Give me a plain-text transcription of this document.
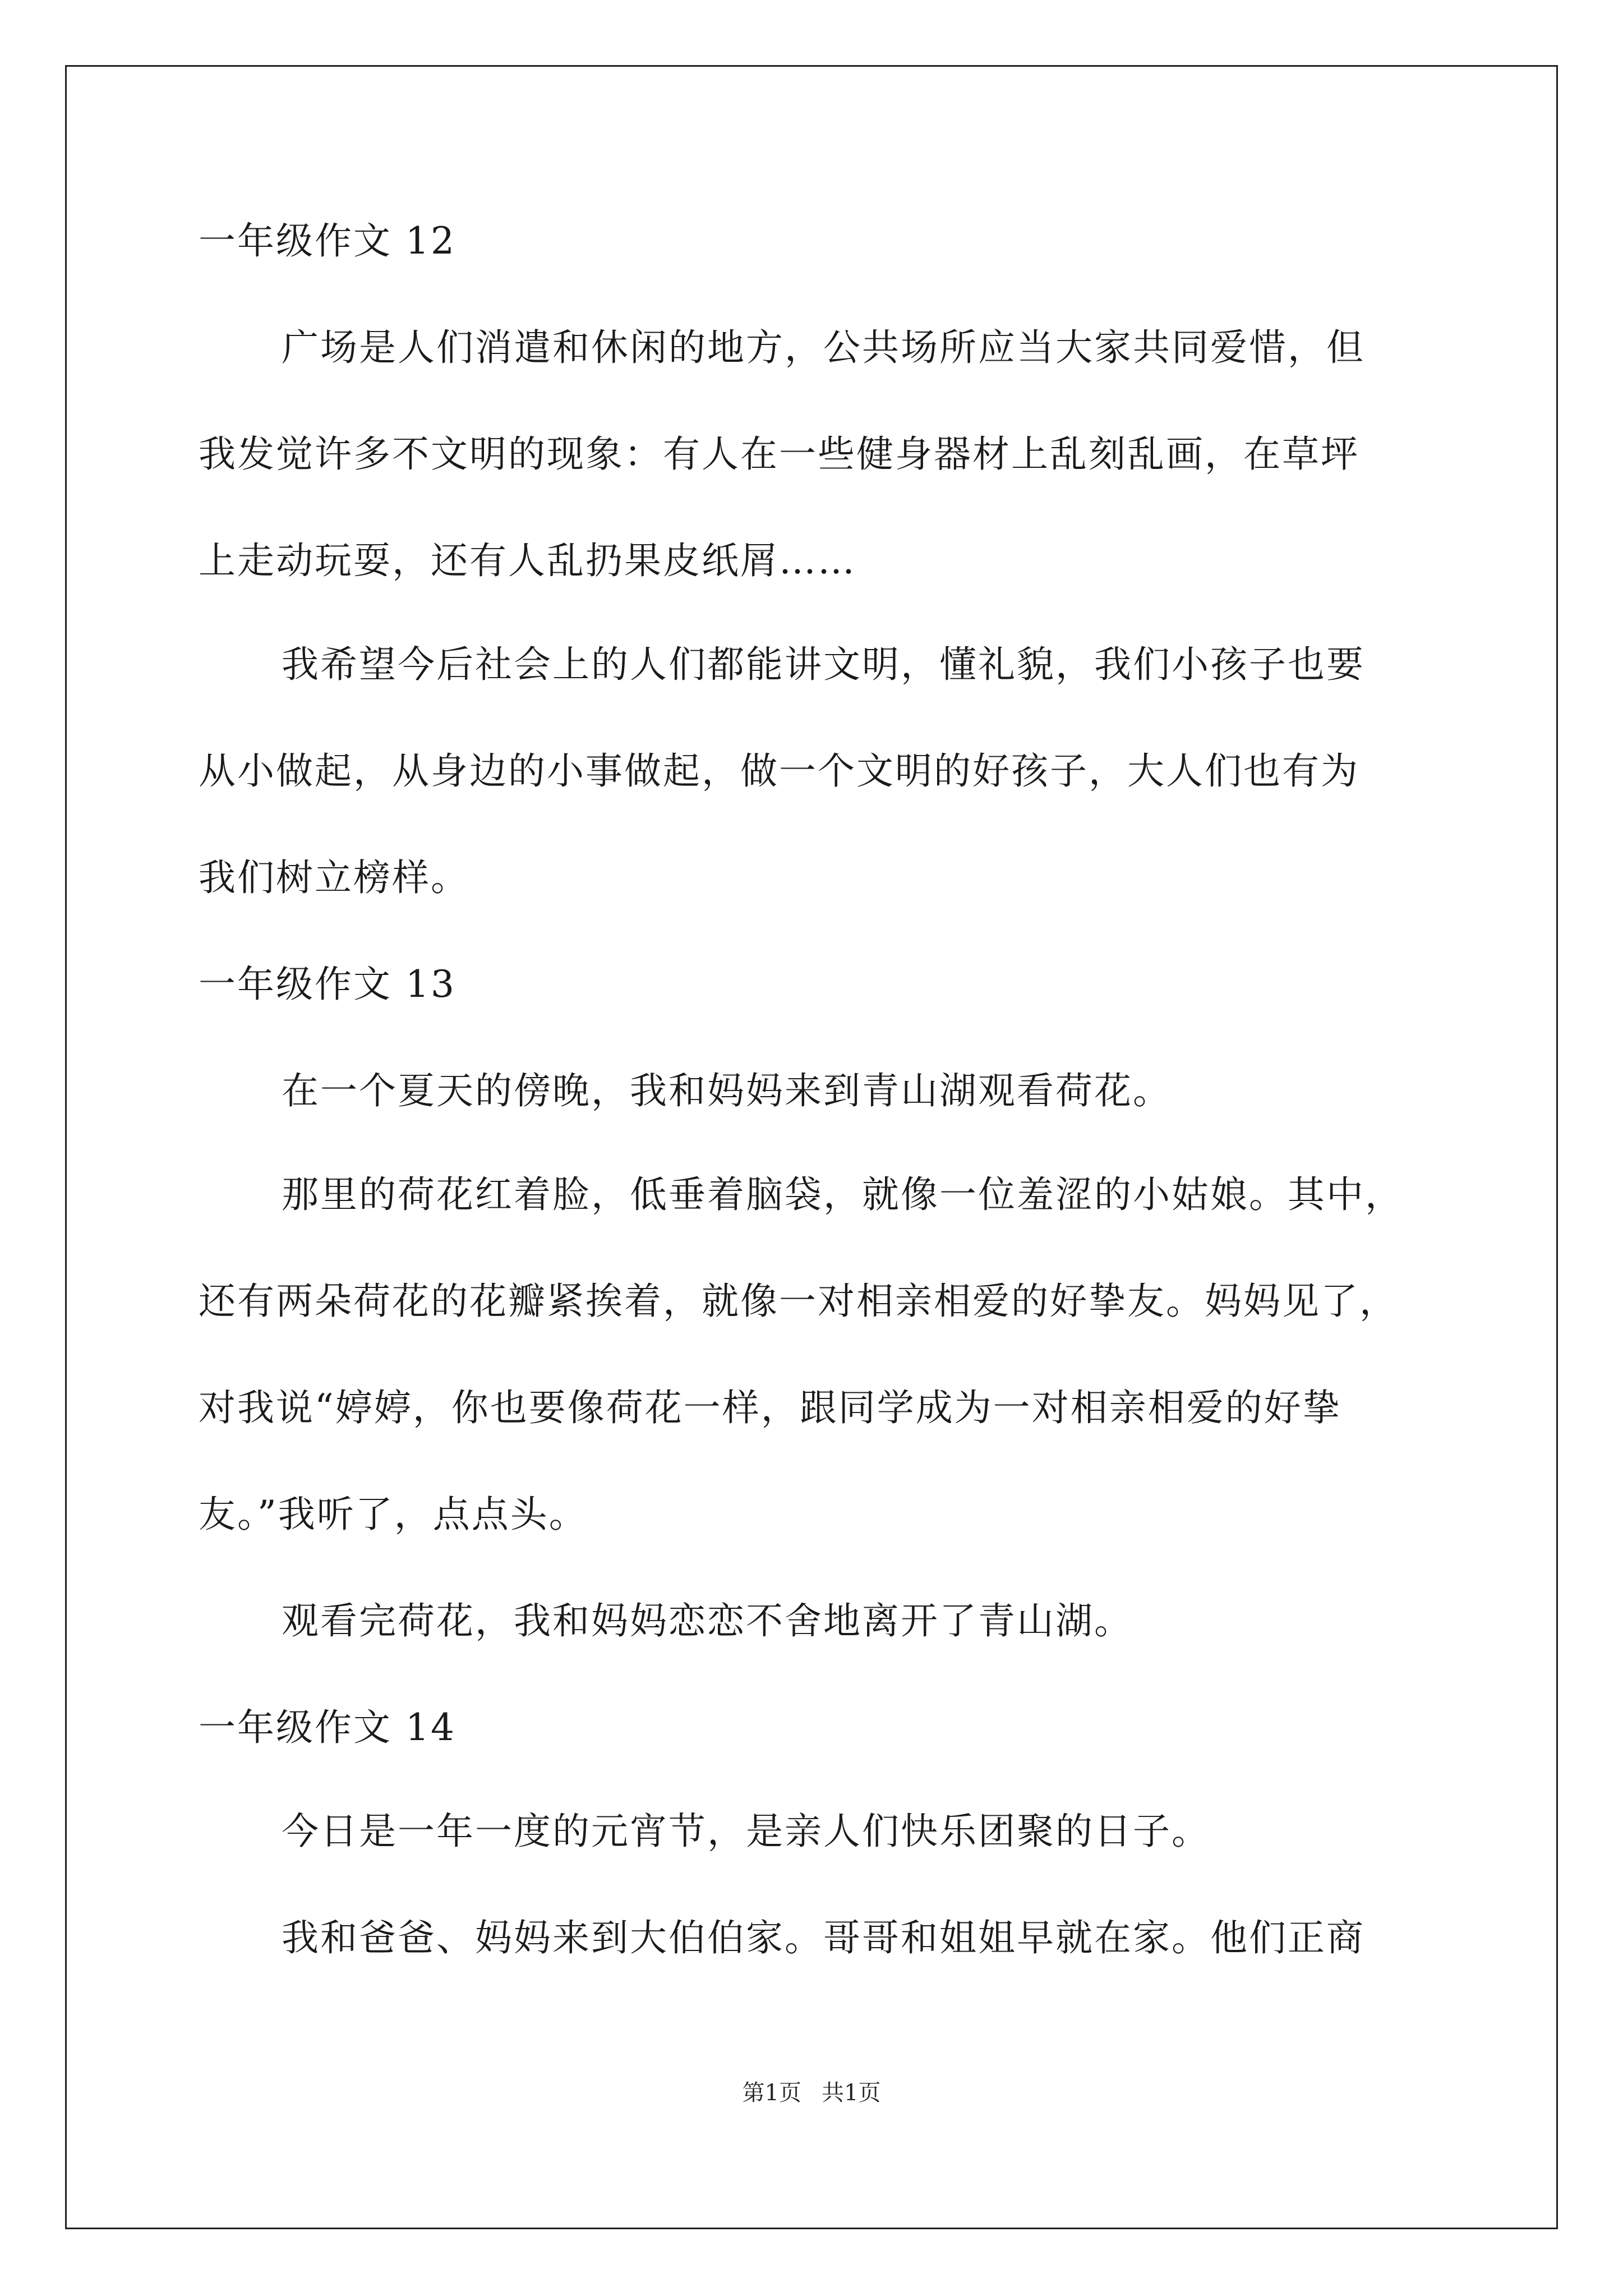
一年级作文 12
广场是人们消遣和休闲的地方，公共场所应当大家共同爱惜，但
我发觉许多不文明的现象：有人在一些健身器材上乱刻乱画，在草坪
上走动玩耍，还有人乱扔果皮纸屑……
我希望今后社会上的人们都能讲文明，懂礼貌，我们小孩子也要
从小做起，从身边的小事做起，做一个文明的好孩子，大人们也有为
我们树立榜样。
一年级作文 13
在一个夏天的傍晚，我和妈妈来到青山湖观看荷花。
那里的荷花红着脸，低垂着脑袋，就像一位羞涩的小姑娘。其中，
还有两朵荷花的花瓣紧挨着，就像一对相亲相爱的好挚友。妈妈见了，
对我说“婷婷，你也要像荷花一样，跟同学成为一对相亲相爱的好挚
友。”我听了，点点头。
观看完荷花，我和妈妈恋恋不舍地离开了青山湖。
一年级作文 14
今日是一年一度的元宵节，是亲人们快乐团聚的日子。
我和爸爸、妈妈来到大伯伯家。哥哥和姐姐早就在家。他们正商
第1页 共1页
